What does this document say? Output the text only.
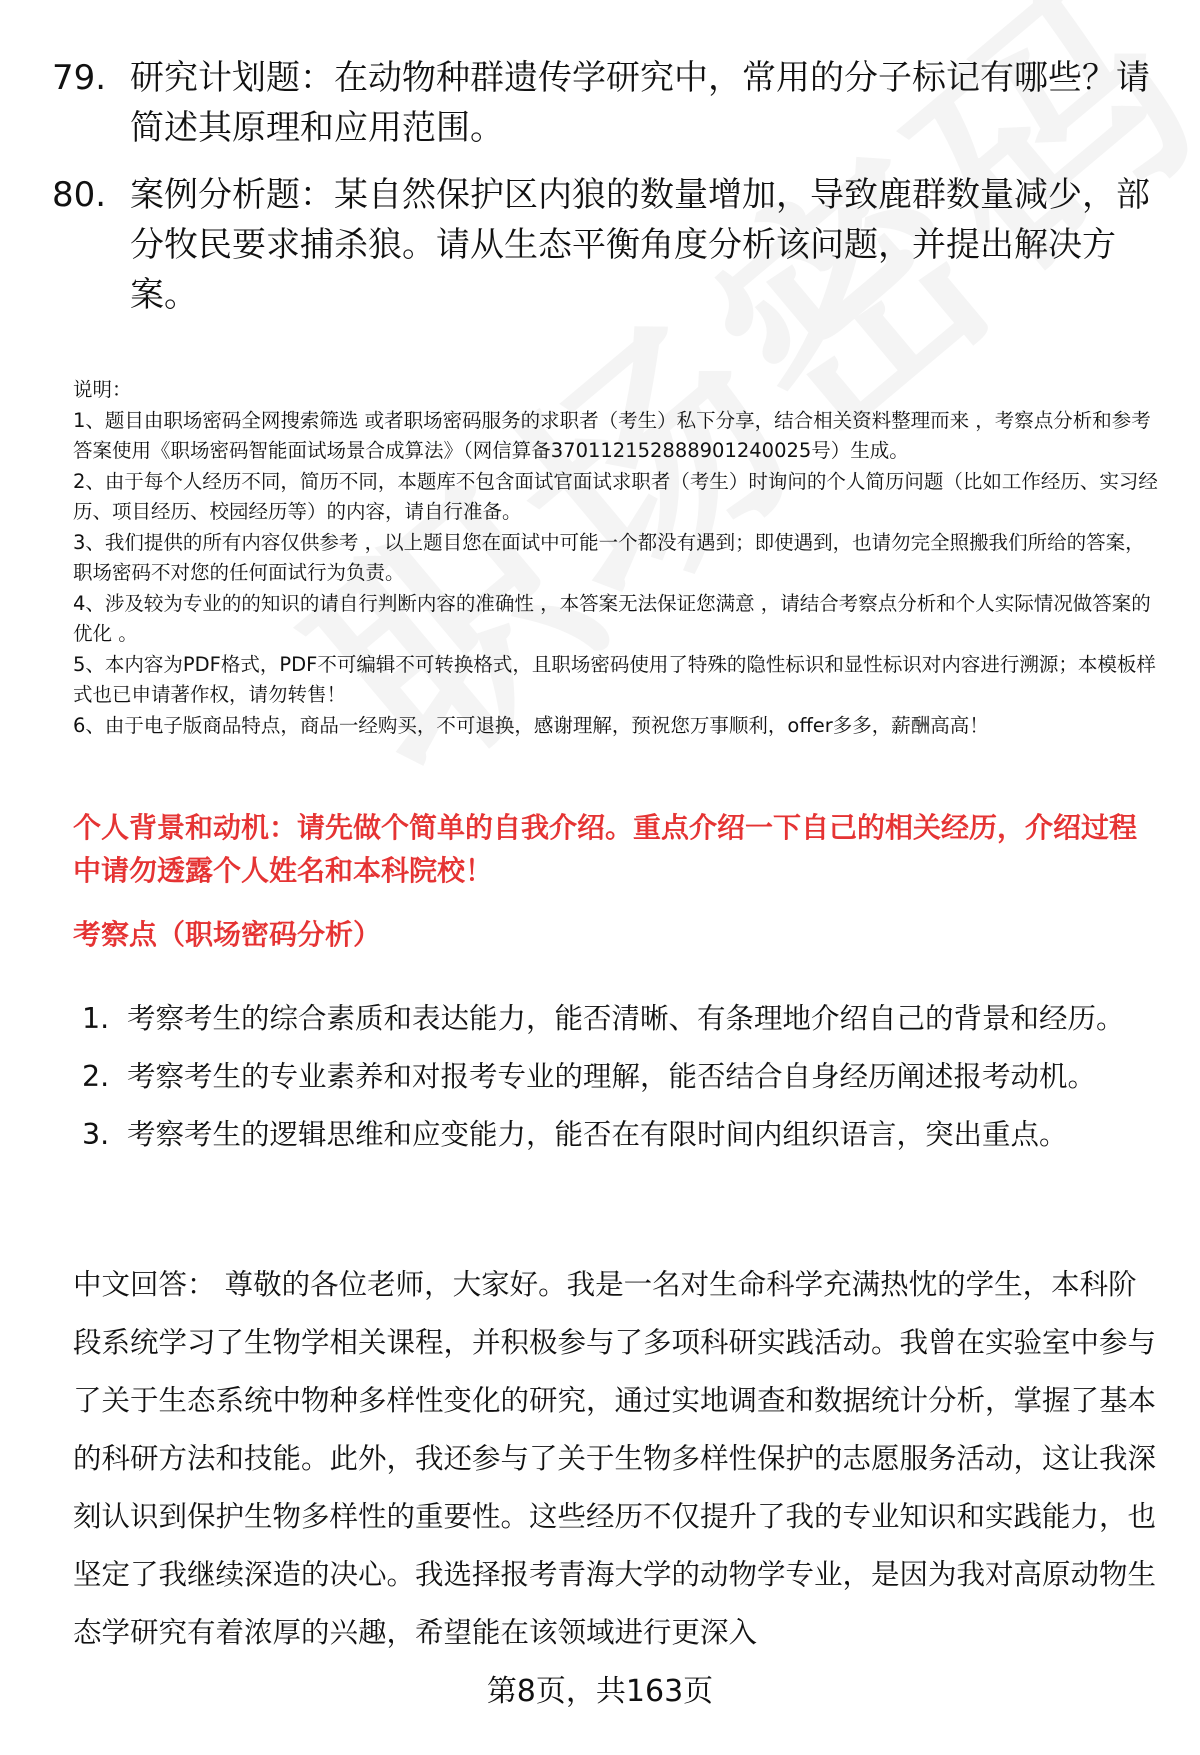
79. 研究计划题：在动物种群遗传学研究中，常用的分子标记有哪些？请简述其原理和应用范围。
80. 案例分析题：某自然保护区内狼的数量增加，导致鹿群数量减少，部分牧民要求捕杀狼。请从生态平衡角度分析该问题，并提出解决方案。

说明：

1、题目由职场密码全网搜索筛选 或者职场密码服务的求职者（考生）私下分享，结合相关资料整理而来 ，考察点分析和参考答案使用《职场密码智能面试场景合成算法》（网信算备370112152888901240025号）生成。

2、由于每个人经历不同，简历不同，本题库不包含面试官面试求职者（考生）时询问的个人简历问题（比如工作经历、实习经历、项目经历、校园经历等）的内容，请自行准备。

3、我们提供的所有内容仅供参考 ，以上题目您在面试中可能一个都没有遇到；即使遇到，也请勿完全照搬我们所给的答案，职场密码不对您的任何面试行为负责。

4、涉及较为专业的的知识的请自行判断内容的准确性 ，本答案无法保证您满意 ，请结合考察点分析和个人实际情况做答案的优化 。

5、本内容为PDF格式，PDF不可编辑不可转换格式，且职场密码使用了特殊的隐性标识和显性标识对内容进行溯源；本模板样式也已申请著作权，请勿转售！

6、由于电子版商品特点，商品一经购买，不可退换，感谢理解，预祝您万事顺利，offer多多，薪酬高高！

个人背景和动机：请先做个简单的自我介绍。重点介绍一下自己的相关经历，介绍过程中请勿透露个人姓名和本科院校！
考察点（职场密码分析）
1. 考察考生的综合素质和表达能力，能否清晰、有条理地介绍自己的背景和经历。
2. 考察考生的专业素养和对报考专业的理解，能否结合自身经历阐述报考动机。
3. 考察考生的逻辑思维和应变能力，能否在有限时间内组织语言，突出重点。
中文回答： 尊敬的各位老师，大家好。我是一名对生命科学充满热忱的学生，本科阶段系统学习了生物学相关课程，并积极参与了多项科研实践活动。我曾在实验室中参与了关于生态系统中物种多样性变化的研究，通过实地调查和数据统计分析，掌握了基本的科研方法和技能。此外，我还参与了关于生物多样性保护的志愿服务活动，这让我深刻认识到保护生物多样性的重要性。这些经历不仅提升了我的专业知识和实践能力，也坚定了我继续深造的决心。我选择报考青海大学的动物学专业，是因为我对高原动物生态学研究有着浓厚的兴趣，希望能在该领域进行更深入
第8页，共163页
